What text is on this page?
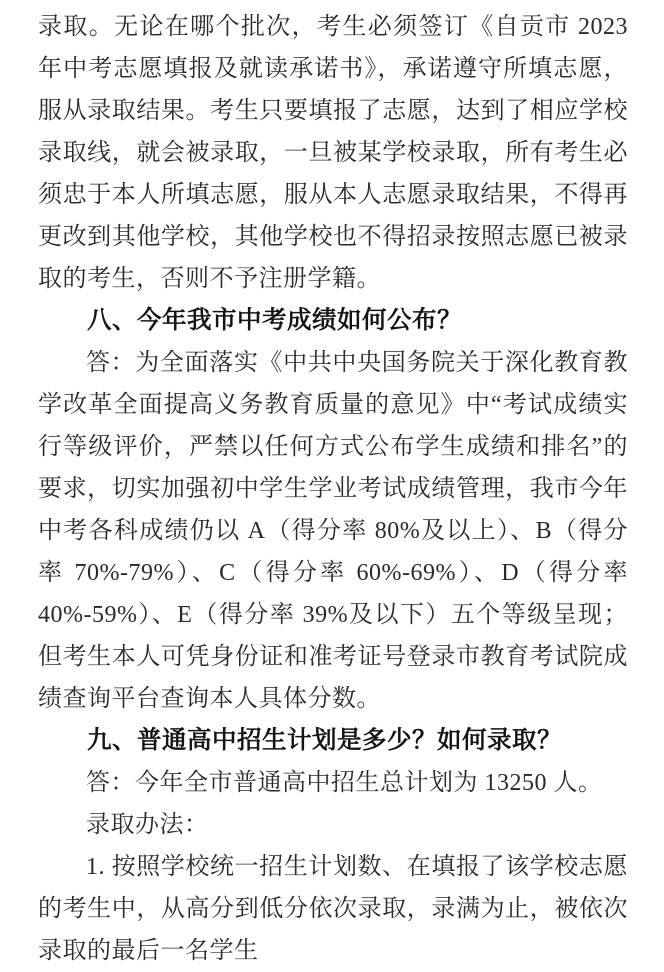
录取。无论在哪个批次，考生必须签订《自贡市 2023 年中考志愿填报及就读承诺书》，承诺遵守所填志愿，服从录取结果。考生只要填报了志愿，达到了相应学校录取线，就会被录取，一旦被某学校录取，所有考生必须忠于本人所填志愿，服从本人志愿录取结果，不得再更改到其他学校，其他学校也不得招录按照志愿已被录取的考生，否则不予注册学籍。

八、今年我市中考成绩如何公布？

答：为全面落实《中共中央国务院关于深化教育教学改革全面提高义务教育质量的意见》中“考试成绩实行等级评价，严禁以任何方式公布学生成绩和排名”的要求，切实加强初中学生学业考试成绩管理，我市今年中考各科成绩仍以 A（得分率 80%及以上）、B（得分率 70%-79%）、C（得分率 60%-69%）、D（得分率 40%-59%）、E（得分率 39%及以下）五个等级呈现；但考生本人可凭身份证和准考证号登录市教育考试院成绩查询平台查询本人具体分数。

九、普通高中招生计划是多少？如何录取？

答：今年全市普通高中招生总计划为 13250 人。

录取办法：

1. 按照学校统一招生计划数、在填报了该学校志愿的考生中，从高分到低分依次录取，录满为止，被依次录取的最后一名学生
